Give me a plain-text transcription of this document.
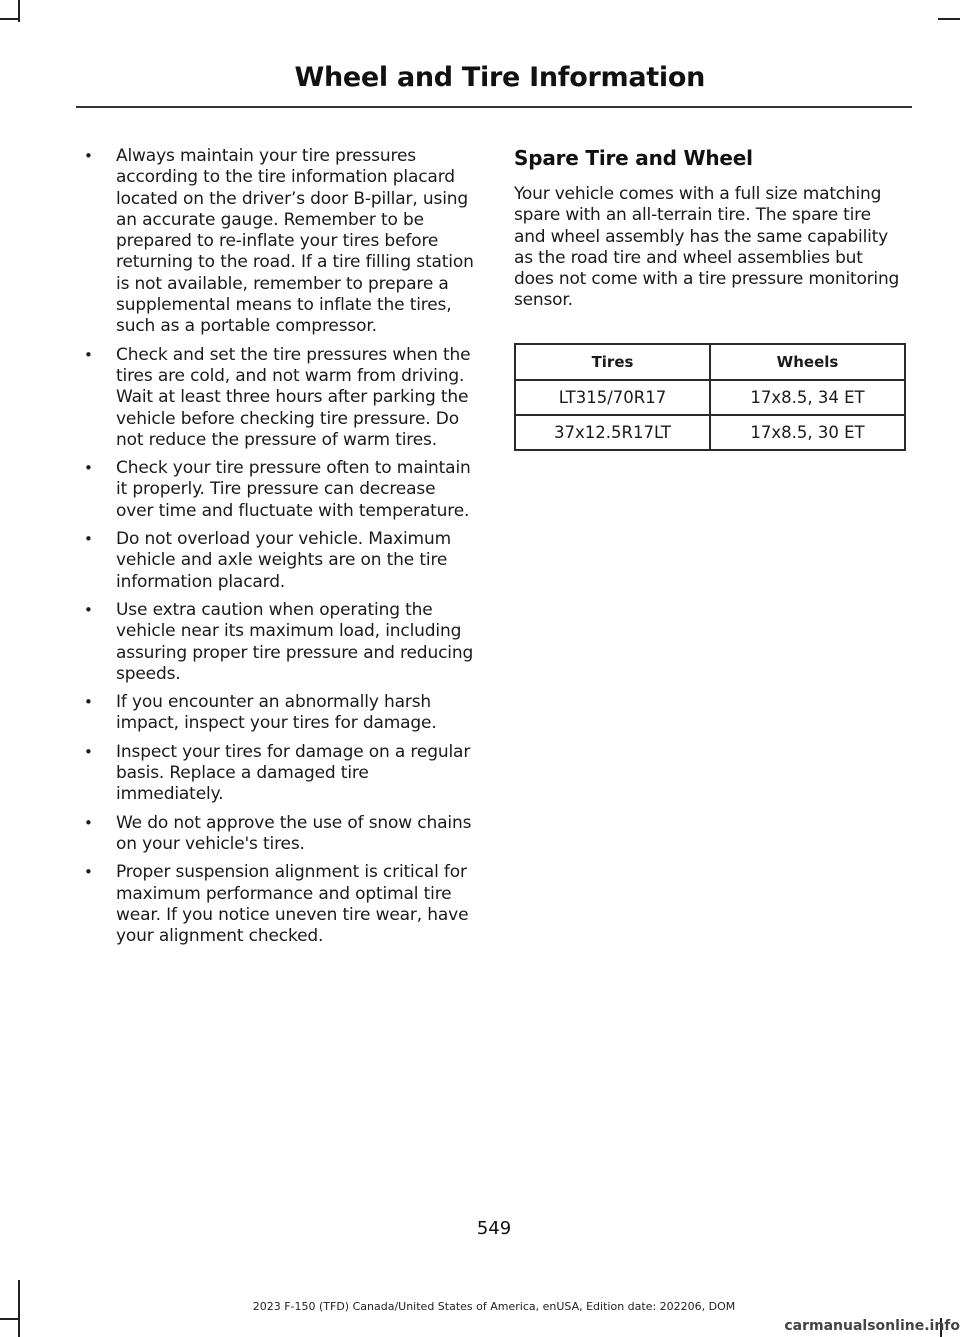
Wheel and Tire Information
• Always maintain your tire pressures according to the tire information placard located on the driver’s door B-pillar, using an accurate gauge. Remember to be prepared to re-inflate your tires before returning to the road. If a tire filling station is not available, remember to prepare a supplemental means to inflate the tires, such as a portable compressor.
• Check and set the tire pressures when the tires are cold, and not warm from driving. Wait at least three hours after parking the vehicle before checking tire pressure. Do not reduce the pressure of warm tires.
• Check your tire pressure often to maintain it properly. Tire pressure can decrease over time and fluctuate with temperature.
• Do not overload your vehicle. Maximum vehicle and axle weights are on the tire information placard.
• Use extra caution when operating the vehicle near its maximum load, including assuring proper tire pressure and reducing speeds.
• If you encounter an abnormally harsh impact, inspect your tires for damage.
• Inspect your tires for damage on a regular basis. Replace a damaged tire immediately.
• We do not approve the use of snow chains on your vehicle's tires.
• Proper suspension alignment is critical for maximum performance and optimal tire wear. If you notice uneven tire wear, have your alignment checked.
Spare Tire and Wheel

Your vehicle comes with a full size matching spare with an all-terrain tire. The spare tire and wheel assembly has the same capability as the road tire and wheel assemblies but does not come with a tire pressure monitoring sensor.

Tires	Wheels
LT315/70R17	17x8.5, 34 ET
37x12.5R17LT	17x8.5, 30 ET
549
2023 F-150 (TFD) Canada/United States of America, enUSA, Edition date: 202206, DOM
carmanualsonline.info
